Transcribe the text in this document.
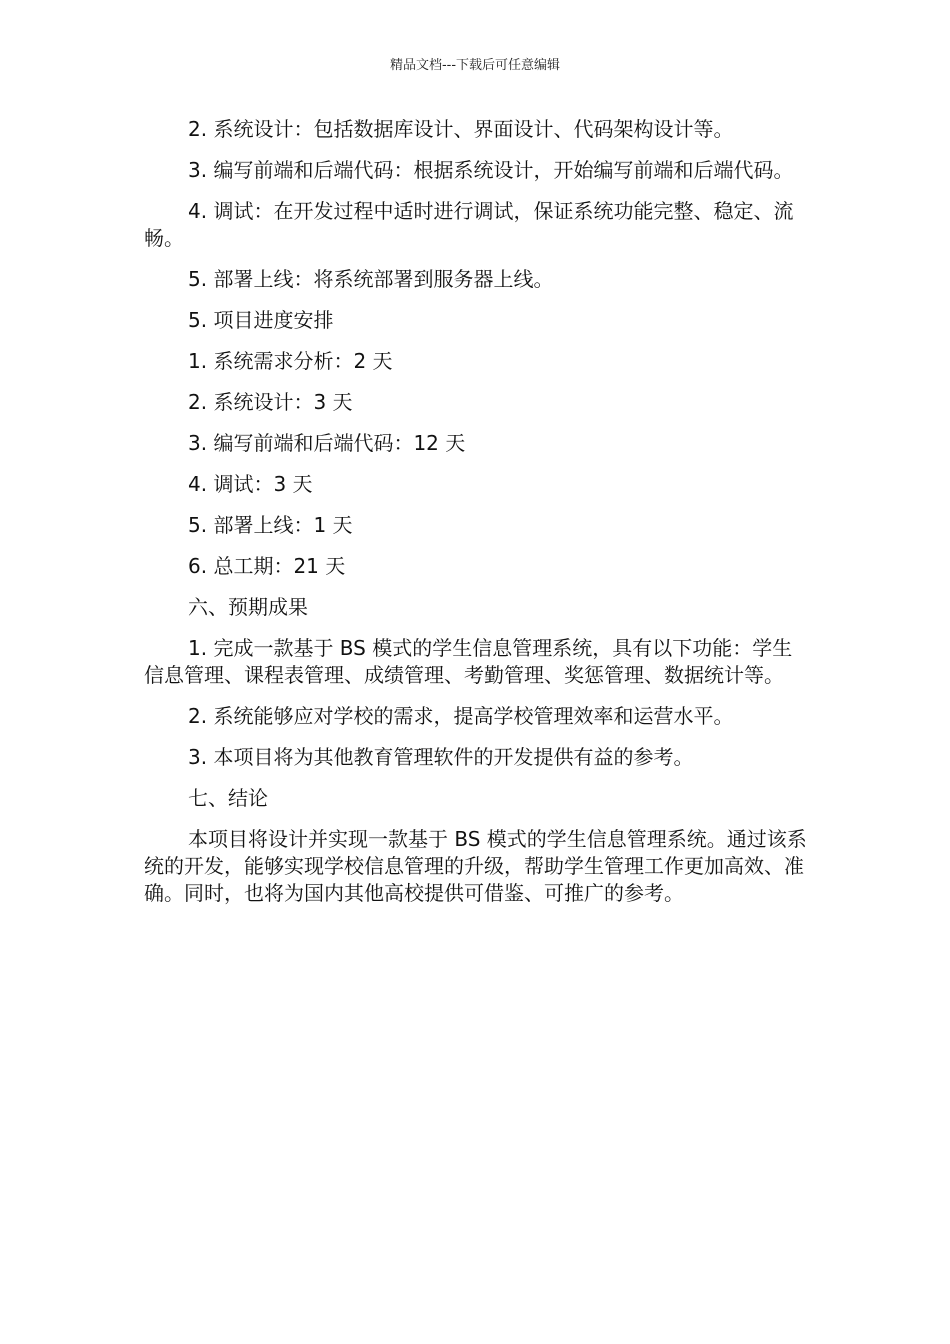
精品文档---下载后可任意编辑

2. 系统设计：包括数据库设计、界面设计、代码架构设计等。

3. 编写前端和后端代码：根据系统设计，开始编写前端和后端代码。

4. 调试：在开发过程中适时进行调试，保证系统功能完整、稳定、流畅。

5. 部署上线：将系统部署到服务器上线。

5. 项目进度安排

1. 系统需求分析：2 天

2. 系统设计：3 天

3. 编写前端和后端代码：12 天

4. 调试：3 天

5. 部署上线：1 天

6. 总工期：21 天

六、预期成果

1. 完成一款基于 BS 模式的学生信息管理系统，具有以下功能：学生信息管理、课程表管理、成绩管理、考勤管理、奖惩管理、数据统计等。

2. 系统能够应对学校的需求，提高学校管理效率和运营水平。

3. 本项目将为其他教育管理软件的开发提供有益的参考。

七、结论

本项目将设计并实现一款基于 BS 模式的学生信息管理系统。通过该系统的开发，能够实现学校信息管理的升级，帮助学生管理工作更加高效、准确。同时，也将为国内其他高校提供可借鉴、可推广的参考。
